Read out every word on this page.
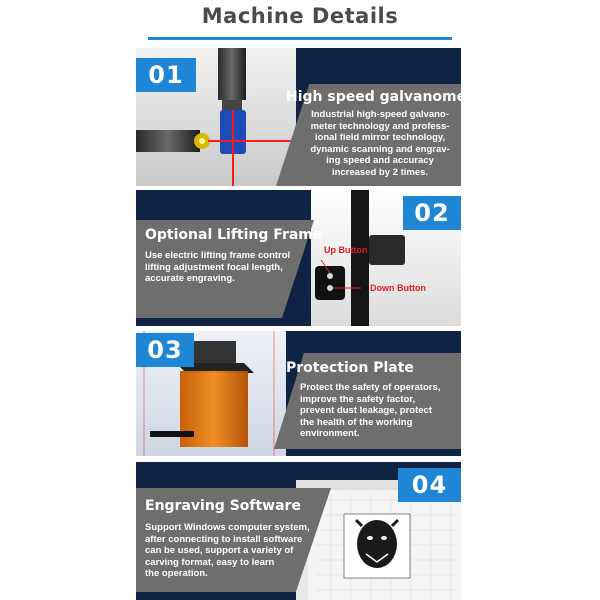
Machine Details
01
High speed galvanometer
Industrial high-speed galvano-
meter technology and profess-
ional field mirror technology,
dynamic scanning and engrav-
ing speed and accuracy
increased by 2 times.
02
Optional Lifting Frame
Use electric lifting frame control
lifting adjustment focal length,
accurate engraving.
Up Button
Down Button
03
Protection Plate
Protect the safety of operators,
improve the safety factor,
prevent dust leakage, protect
the health of the working
environment.
04
Engraving Software
Support Windows computer system,
after connecting to install software
can be used, support a variety of
carving format, easy to learn
the operation.
